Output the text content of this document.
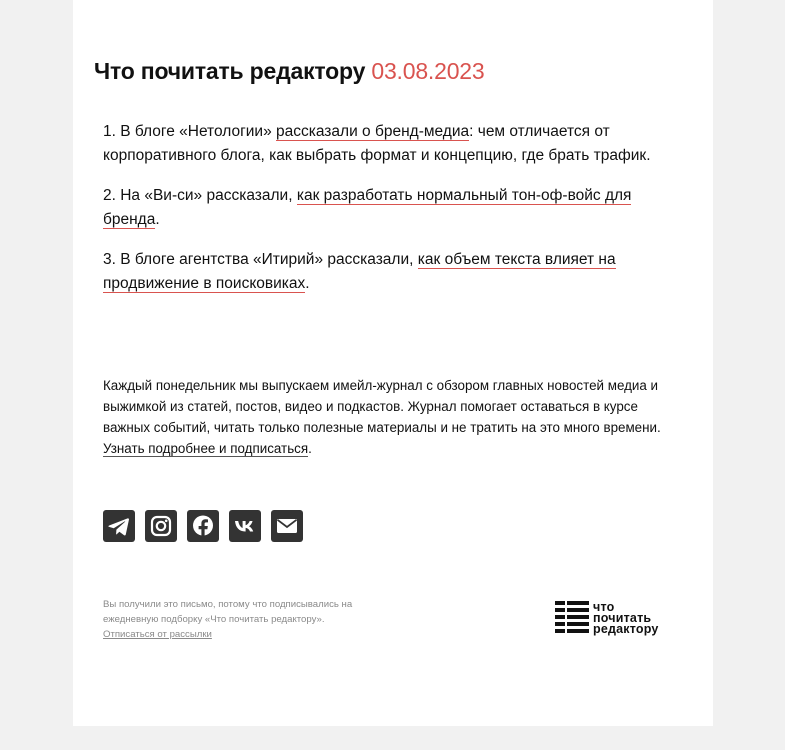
Что почитать редактору 03.08.2023

1. В блоге «Нетологии» рассказали о бренд-медиа: чем отличается от корпоративного блога, как выбрать формат и концепцию, где брать трафик.

2. На «Ви-си» рассказали, как разработать нормальный тон-оф-войс для бренда.

3. В блоге агентства «Итирий» рассказали, как объем текста влияет на продвижение в поисковиках.

Каждый понедельник мы выпускаем имейл-журнал с обзором главных новостей медиа и выжимкой из статей, постов, видео и подкастов. Журнал помогает оставаться в курсе важных событий, читать только полезные материалы и не тратить на это много времени. Узнать подробнее и подписаться.

Вы получили это письмо, потому что подписывались на ежедневную подборку «Что почитать редактору».
Отписаться от рассылки
что
почитать
редактору
